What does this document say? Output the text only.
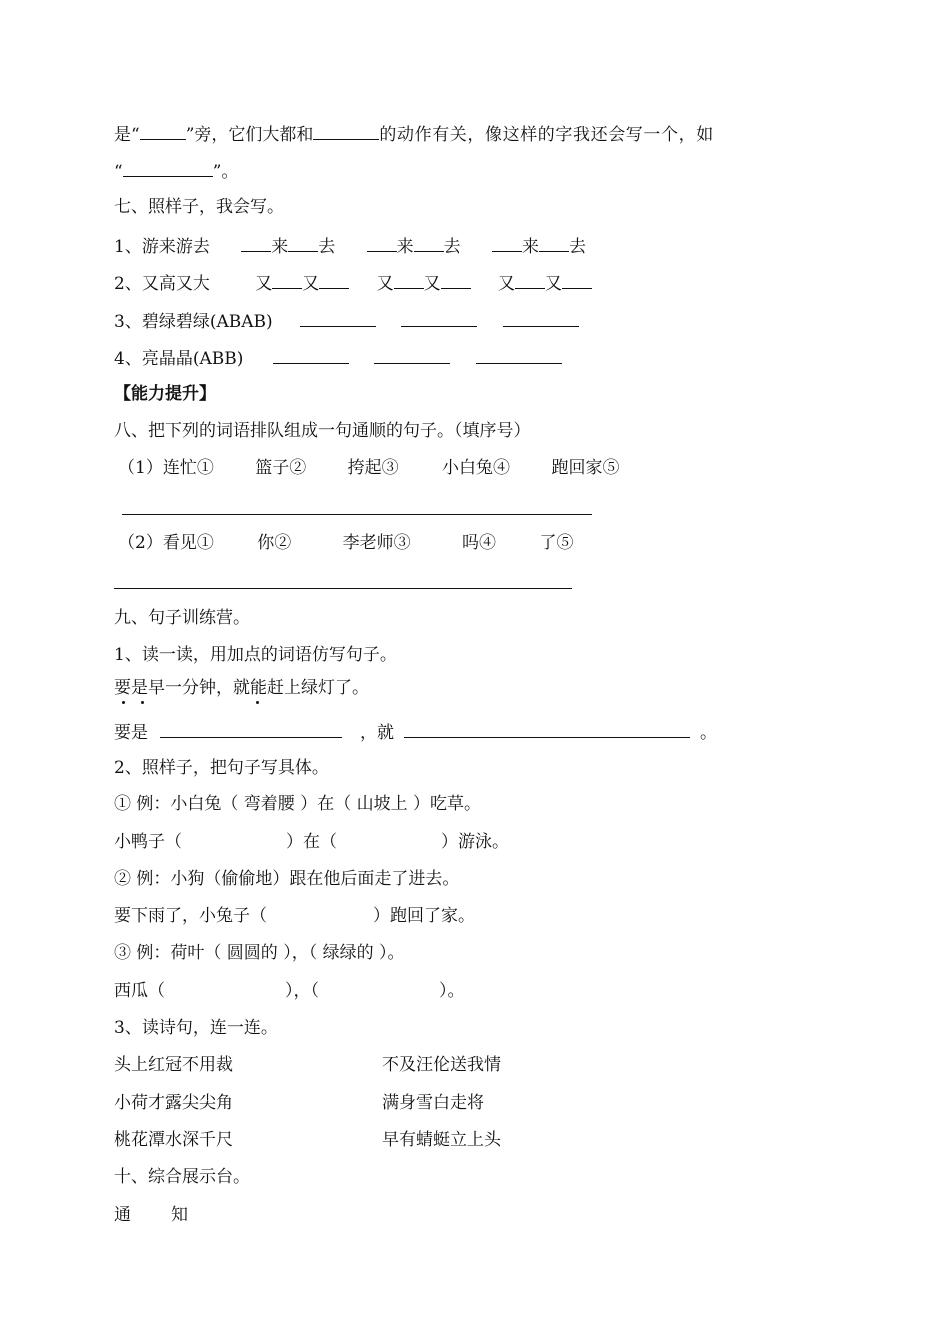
是“	”旁，它们大都和	的动作有关，像这样的字我还会写一个，如
“	”。
七、照样子，我会写。
1、游来游去	来 去	来 去	来 去
2、又高又大	又 又	又 又	又 又
3、碧绿碧绿(ABAB)
4、亮晶晶(ABB)
【能力提升】
八、把下列的词语排队组成一句通顺的句子。（填序号）
（1）连忙① 篮子② 挎起③	小白兔④ 跑回家⑤
（2）看见①	你②	李老师③	吗④	了⑤
九、句子训练营。
1、读一读，用加点的词语仿写句子。
要是早一分钟，就能赶上绿灯了。
要是	，就	。
2、照样子，把句子写具体。
① 例：小白兔（ 弯着腰 ）在（ 山坡上 ）吃草。
小鸭子（	）在（	）游泳。
② 例：小狗（偷偷地）跟在他后面走了进去。
要下雨了，小兔子（	）跑回了家。
③ 例：荷叶（ 圆圆的 ），（ 绿绿的 ）。
西瓜（	），（	）。
3、读诗句，连一连。
头上红冠不用裁	不及汪伦送我情
小荷才露尖尖角	满身雪白走将
桃花潭水深千尺	早有蜻蜓立上头
十、综合展示台。
通 知
